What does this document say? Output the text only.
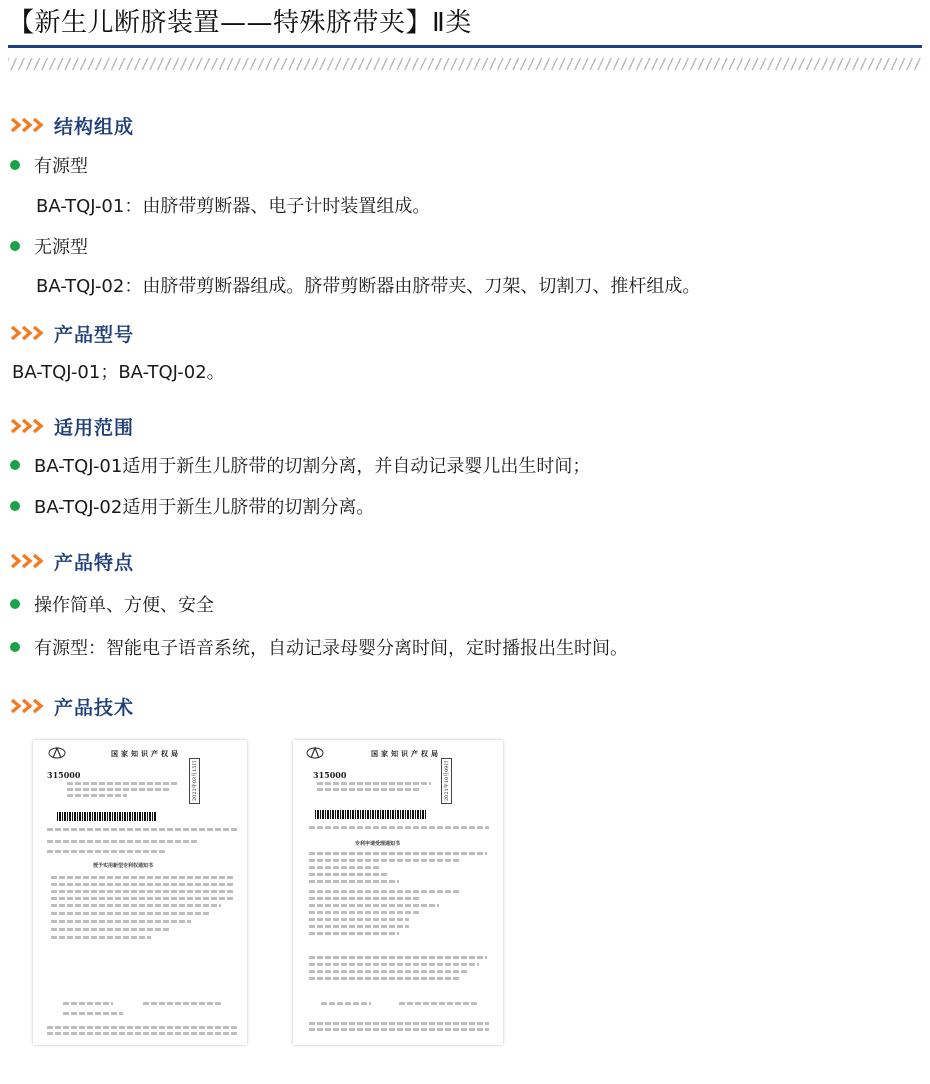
【新生儿断脐装置——特殊脐带夹】Ⅱ类
结构组成
有源型
BA-TQJ-01：由脐带剪断器、电子计时装置组成。
无源型
BA-TQJ-02：由脐带剪断器组成。脐带剪断器由脐带夹、刀架、切割刀、推杆组成。
产品型号
BA-TQJ-01；BA-TQJ-02。
适用范围
BA-TQJ-01适用于新生儿脐带的切割分离，并自动记录婴儿出生时间；
BA-TQJ-02适用于新生儿脐带的切割分离。
产品特点
操作简单、方便、安全
有源型：智能电子语音系统，自动记录母婴分离时间，定时播报出生时间。
产品技术
国家知识产权局
315000	2022年03月15日
授予实用新型专利权通知书
国家知识产权局
315000	2021年10月09日
专利申请受理通知书
